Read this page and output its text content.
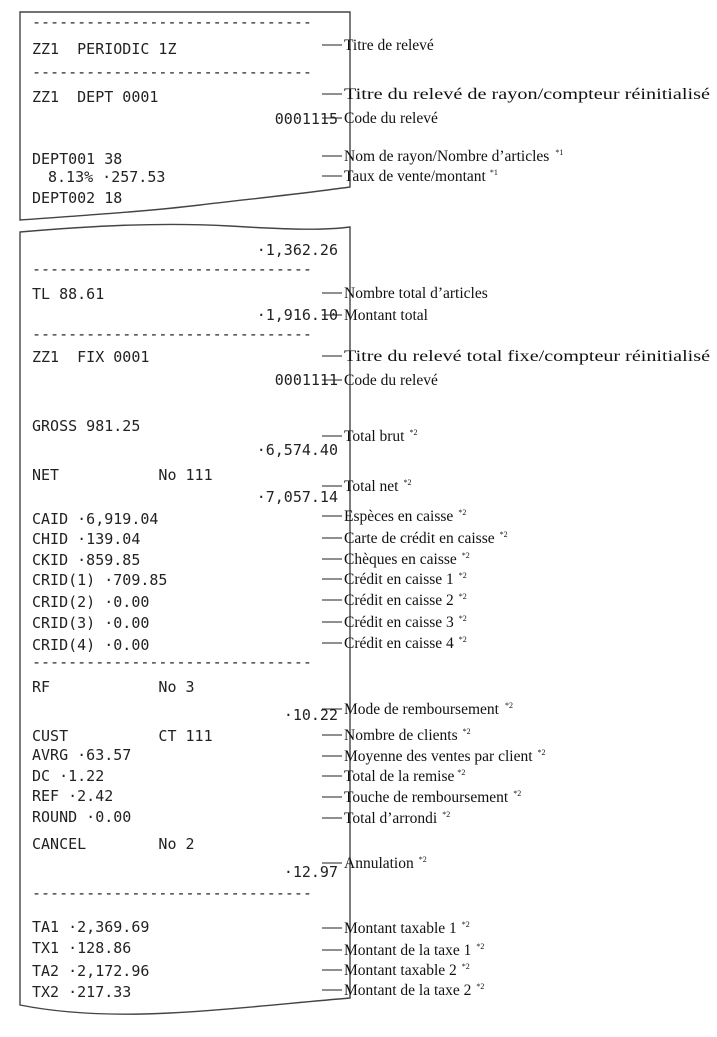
-------------------------------
ZZ1  PERIODIC 1Z
-------------------------------
ZZ1  DEPT 0001
0001115
DEPT001 38
8.13% ·257.53
DEPT002 18
·1,362.26
-------------------------------
TL 88.61
·1,916.10
-------------------------------
ZZ1  FIX 0001
0001111
GROSS 981.25
·6,574.40
NET           No 111
·7,057.14
CAID ·6,919.04
CHID ·139.04
CKID ·859.85
CRID(1) ·709.85
CRID(2) ·0.00
CRID(3) ·0.00
CRID(4) ·0.00
-------------------------------
RF            No 3
·10.22
CUST          CT 111
AVRG ·63.57
DC ·1.22
REF ·2.42
ROUND ·0.00
CANCEL        No 2
·12.97
-------------------------------
TA1 ·2,369.69
TX1 ·128.86
TA2 ·2,172.96
TX2 ·217.33
Titre de relevé
Titre du relevé de rayon/compteur réinitialisé
Code du relevé
Nom de rayon/Nombre d’articles $^{*1}$
Taux de vente/montant $^{*1}$
Nombre total d’articles
Montant total
Titre du relevé total fixe/compteur réinitialisé
Code du relevé
Total brut $^{*2}$
Total net $^{*2}$
Espèces en caisse $^{*2}$
Carte de crédit en caisse $^{*2}$
Chèques en caisse $^{*2}$
Crédit en caisse 1 $^{*2}$
Crédit en caisse 2 $^{*2}$
Crédit en caisse 3 $^{*2}$
Crédit en caisse 4 $^{*2}$
Mode de remboursement $^{*2}$
Nombre de clients $^{*2}$
Moyenne des ventes par client $^{*2}$
Total de la remise $^{*2}$
Touche de remboursement $^{*2}$
Total d’arrondi $^{*2}$
Annulation $^{*2}$
Montant taxable 1 $^{*2}$
Montant de la taxe 1 $^{*2}$
Montant taxable 2 $^{*2}$
Montant de la taxe 2 $^{*2}$
